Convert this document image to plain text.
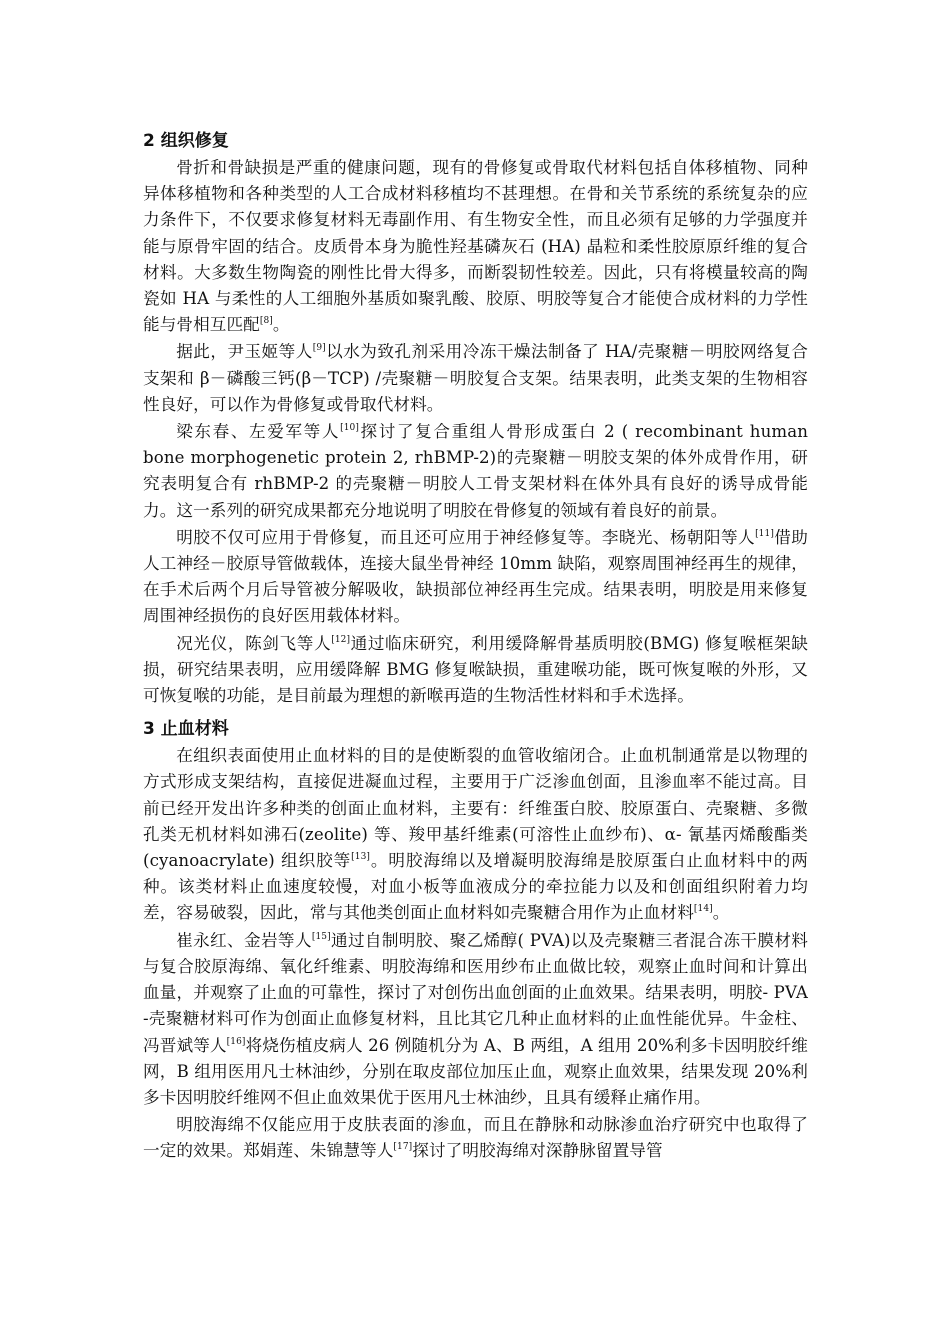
2 组织修复

骨折和骨缺损是严重的健康问题，现有的骨修复或骨取代材料包括自体移植物、同种异体移植物和各种类型的人工合成材料移植均不甚理想。在骨和关节系统的系统复杂的应力条件下，不仅要求修复材料无毒副作用、有生物安全性，而且必须有足够的力学强度并能与原骨牢固的结合。皮质骨本身为脆性羟基磷灰石 (HA) 晶粒和柔性胶原原纤维的复合材料。大多数生物陶瓷的刚性比骨大得多，而断裂韧性较差。因此，只有将模量较高的陶瓷如 HA 与柔性的人工细胞外基质如聚乳酸、胶原、明胶等复合才能使合成材料的力学性能与骨相互匹配[8]。

据此，尹玉姬等人[9]以水为致孔剂采用冷冻干燥法制备了 HA/壳聚糖－明胶网络复合支架和 β－磷酸三钙(β－TCP) /壳聚糖－明胶复合支架。结果表明，此类支架的生物相容性良好，可以作为骨修复或骨取代材料。

梁东春、左爱军等人[10]探讨了复合重组人骨形成蛋白 2 ( recombinant human bone morphogenetic protein 2, rhBMP-2)的壳聚糖－明胶支架的体外成骨作用，研究表明复合有 rhBMP-2 的壳聚糖－明胶人工骨支架材料在体外具有良好的诱导成骨能力。这一系列的研究成果都充分地说明了明胶在骨修复的领域有着良好的前景。

明胶不仅可应用于骨修复，而且还可应用于神经修复等。李晓光、杨朝阳等人[11]借助人工神经－胶原导管做载体，连接大鼠坐骨神经 10mm 缺陷，观察周围神经再生的规律，在手术后两个月后导管被分解吸收，缺损部位神经再生完成。结果表明，明胶是用来修复周围神经损伤的良好医用载体材料。

况光仪，陈剑飞等人[12]通过临床研究，利用缓降解骨基质明胶(BMG) 修复喉框架缺损，研究结果表明，应用缓降解 BMG 修复喉缺损，重建喉功能，既可恢复喉的外形，又可恢复喉的功能，是目前最为理想的新喉再造的生物活性材料和手术选择。

3 止血材料

在组织表面使用止血材料的目的是使断裂的血管收缩闭合。止血机制通常是以物理的方式形成支架结构，直接促进凝血过程，主要用于广泛渗血创面，且渗血率不能过高。目前已经开发出许多种类的创面止血材料，主要有：纤维蛋白胶、胶原蛋白、壳聚糖、多微孔类无机材料如沸石(zeolite) 等、羧甲基纤维素(可溶性止血纱布)、α- 氰基丙烯酸酯类(cyanoacrylate) 组织胶等[13]。明胶海绵以及增凝明胶海绵是胶原蛋白止血材料中的两种。该类材料止血速度较慢，对血小板等血液成分的牵拉能力以及和创面组织附着力均差，容易破裂，因此，常与其他类创面止血材料如壳聚糖合用作为止血材料[14]。

崔永红、金岩等人[15]通过自制明胶、聚乙烯醇( PVA)以及壳聚糖三者混合冻干膜材料与复合胶原海绵、氧化纤维素、明胶海绵和医用纱布止血做比较，观察止血时间和计算出血量，并观察了止血的可靠性，探讨了对创伤出血创面的止血效果。结果表明，明胶- PVA -壳聚糖材料可作为创面止血修复材料，且比其它几种止血材料的止血性能优异。牛金柱、冯晋斌等人[16]将烧伤植皮病人 26 例随机分为 A、B 两组，A 组用 20%利多卡因明胶纤维网，B 组用医用凡士林油纱，分别在取皮部位加压止血，观察止血效果，结果发现 20%利多卡因明胶纤维网不但止血效果优于医用凡士林油纱，且具有缓释止痛作用。

明胶海绵不仅能应用于皮肤表面的渗血，而且在静脉和动脉渗血治疗研究中也取得了一定的效果。郑娟莲、朱锦慧等人[17]探讨了明胶海绵对深静脉留置导管
